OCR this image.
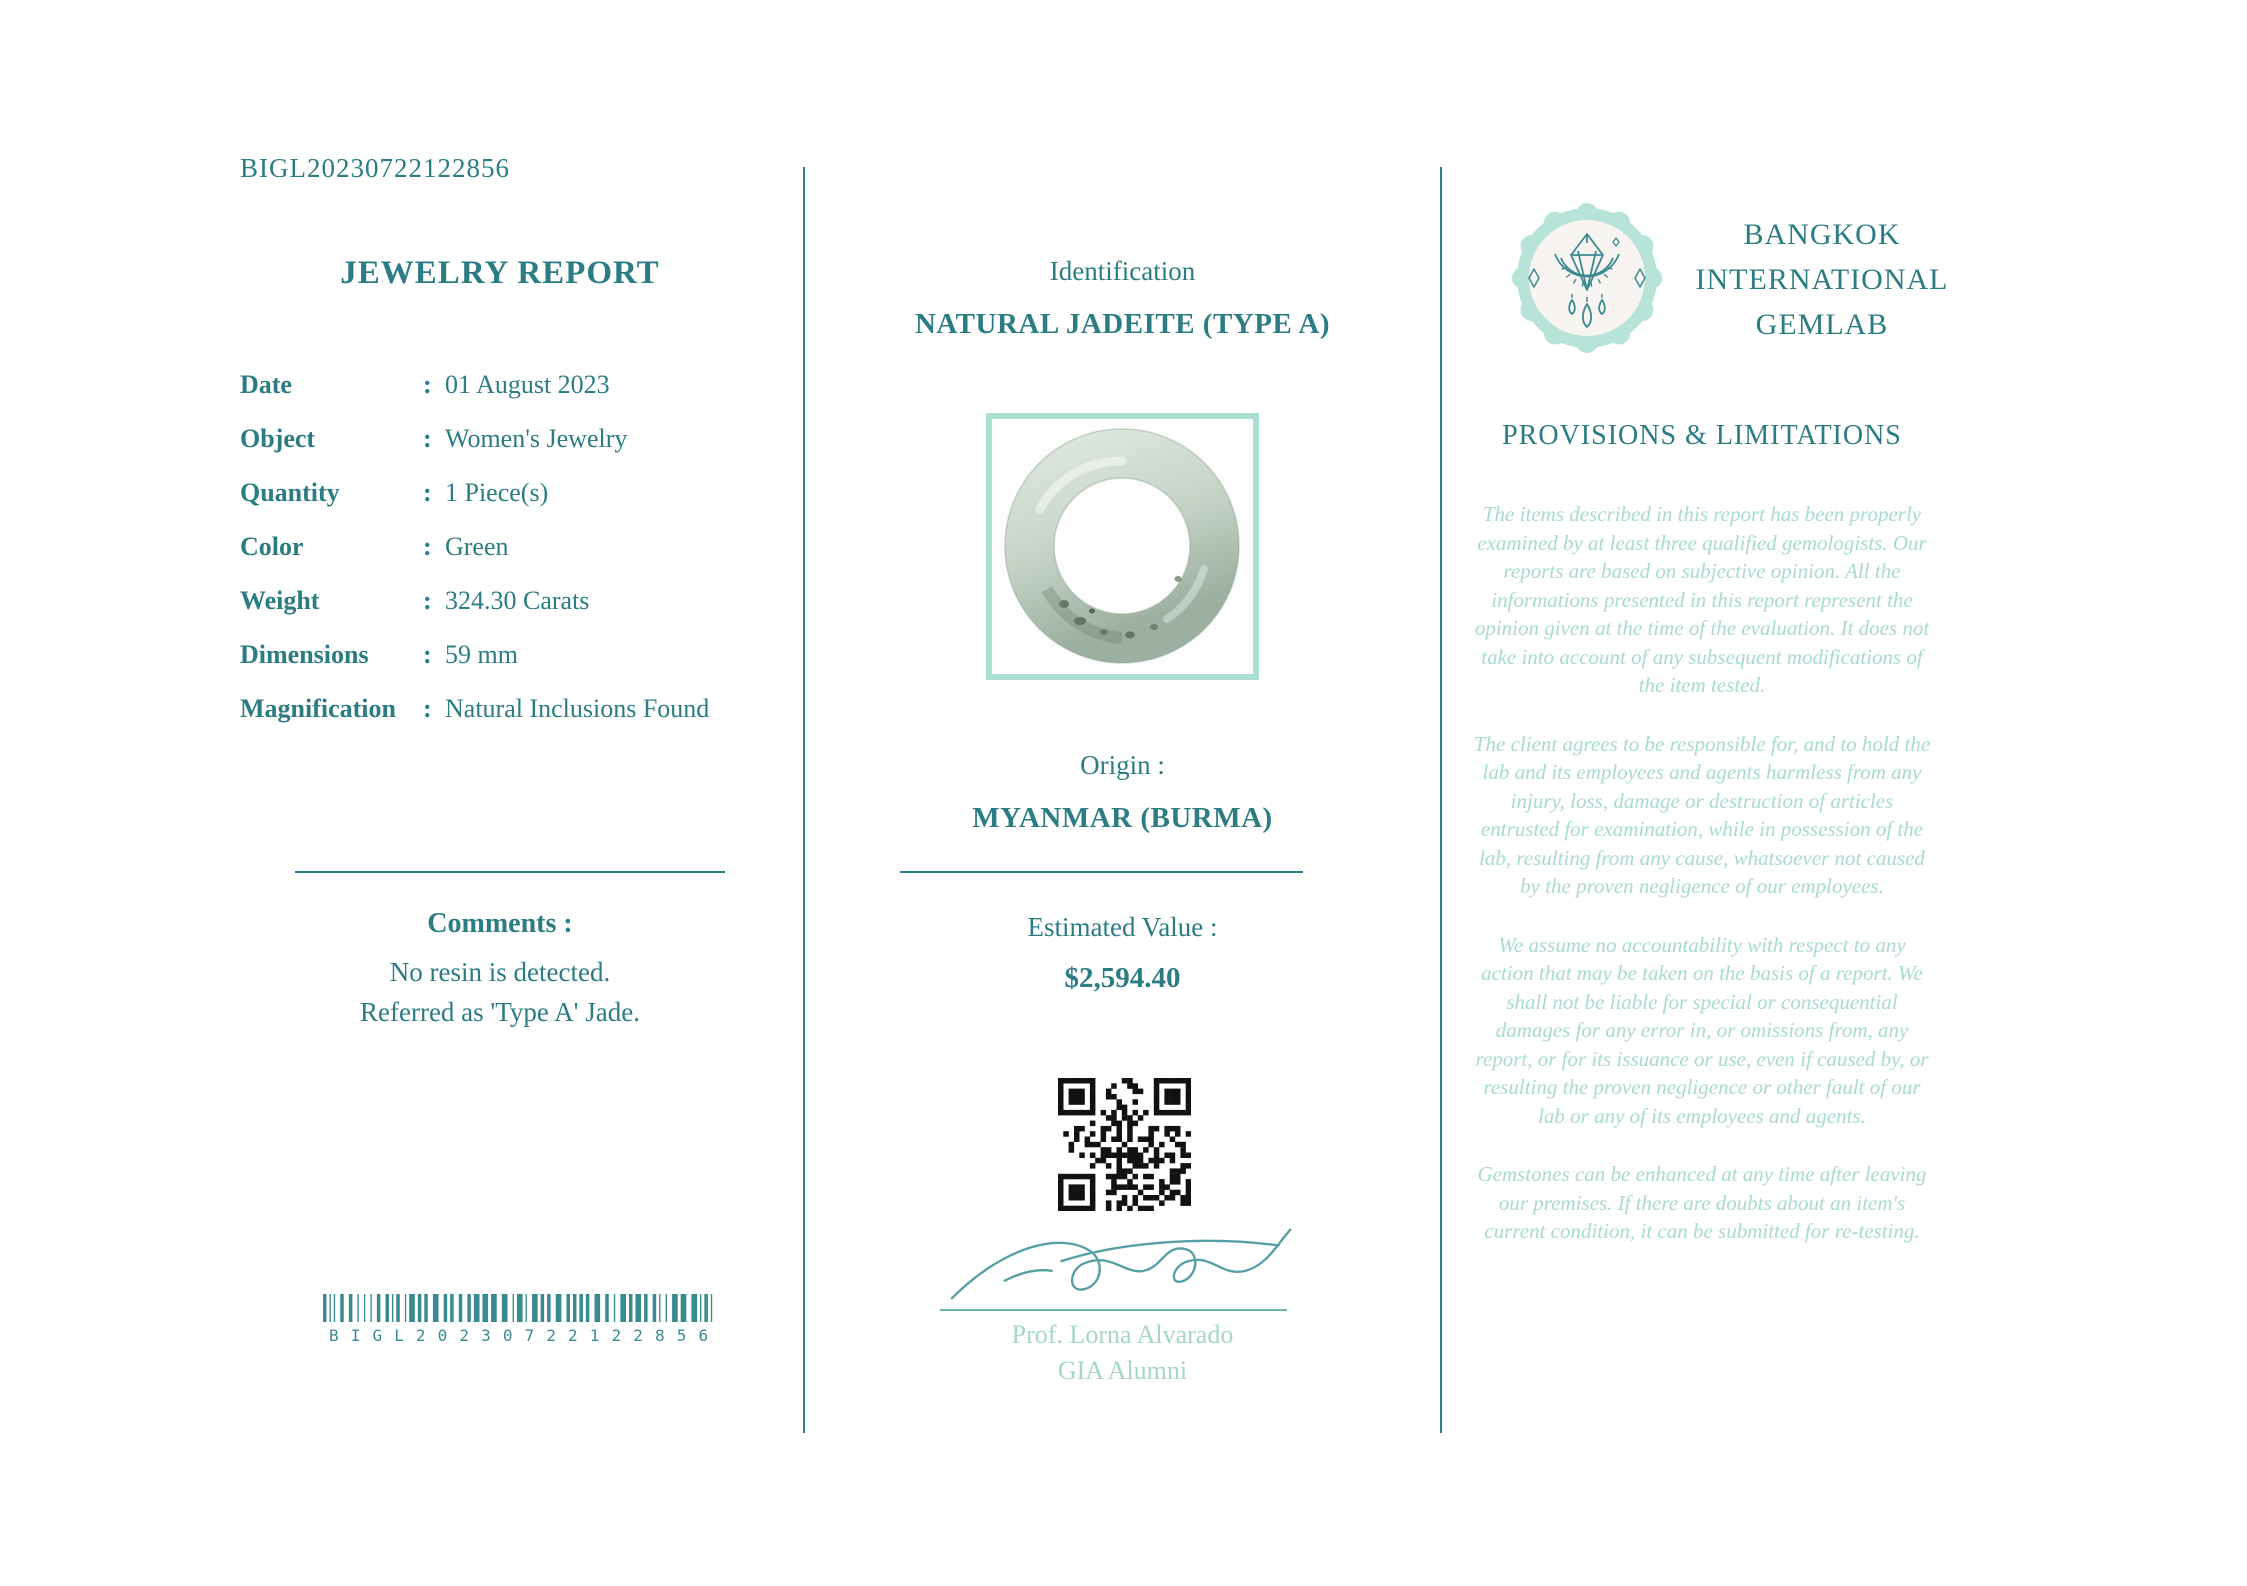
BIGL20230722122856
JEWELRY REPORT
Date	: 01 August 2023
Object	: Women's Jewelry
Quantity	: 1 Piece(s)
Color	: Green
Weight	: 324.30 Carats
Dimensions	: 59 mm
Magnification	: Natural Inclusions Found
Comments :
No resin is detected.
Referred as 'Type A' Jade.
BIGL20230722122856
Identification
NATURAL JADEITE (TYPE A)
Origin :
MYANMAR (BURMA)
Estimated Value :
$2,594.40
Prof. Lorna Alvarado
GIA Alumni
BANGKOK
INTERNATIONAL
GEMLAB
PROVISIONS & LIMITATIONS

The items described in this report has been properly examined by at least three qualified gemologists. Our reports are based on subjective opinion. All the informations presented in this report represent the opinion given at the time of the evaluation. It does not take into account of any subsequent modifications of the item tested.

The client agrees to be responsible for, and to hold the lab and its employees and agents harmless from any injury, loss, damage or destruction of articles entrusted for examination, while in possession of the lab, resulting from any cause, whatsoever not caused by the proven negligence of our employees.

We assume no accountability with respect to any action that may be taken on the basis of a report. We shall not be liable for special or consequential damages for any error in, or omissions from, any report, or for its issuance or use, even if caused by, or resulting the proven negligence or other fault of our lab or any of its employees and agents.

Gemstones can be enhanced at any time after leaving our premises. If there are doubts about an item's current condition, it can be submitted for re-testing.
